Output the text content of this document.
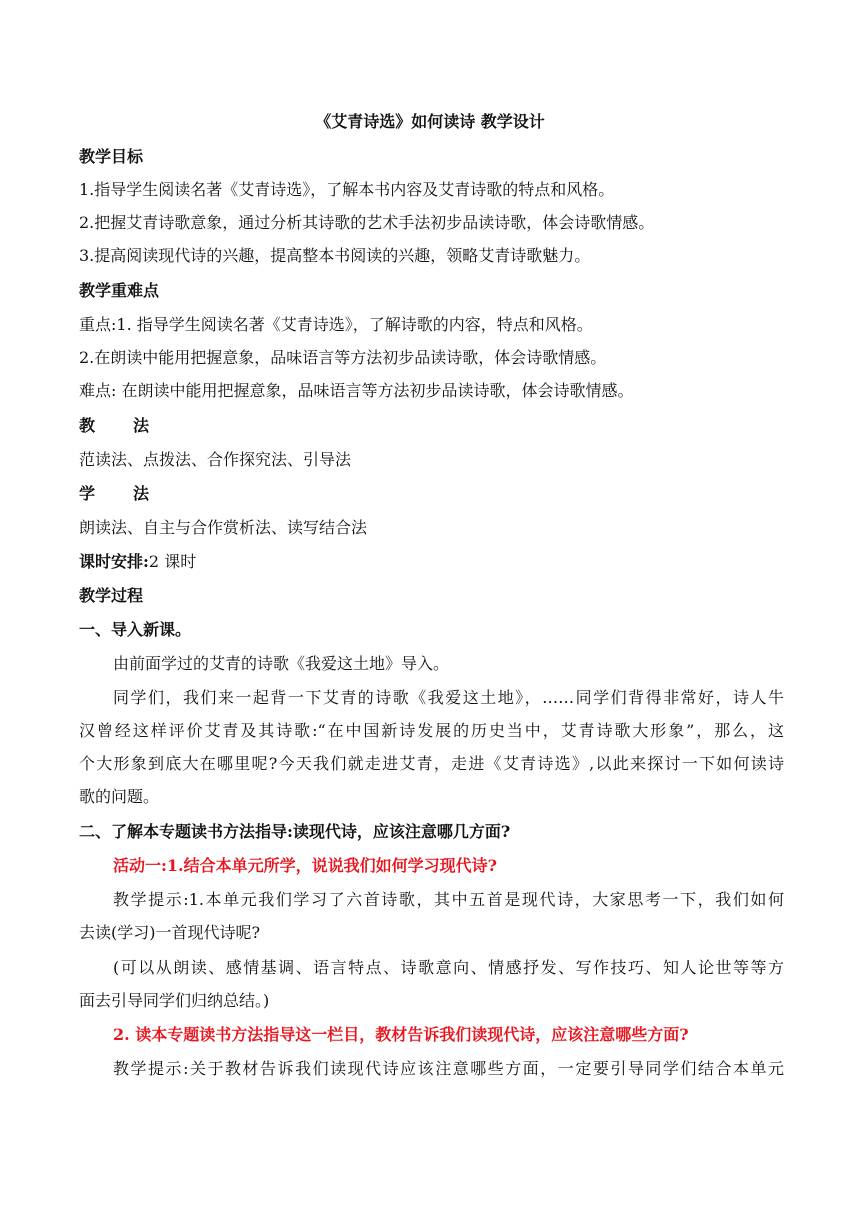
《艾青诗选》如何读诗 教学设计
教学目标
1.指导学生阅读名著《艾青诗选》，了解本书内容及艾青诗歌的特点和风格。
2.把握艾青诗歌意象，通过分析其诗歌的艺术手法初步品读诗歌，体会诗歌情感。
3.提高阅读现代诗的兴趣，提高整本书阅读的兴趣，领略艾青诗歌魅力。
教学重难点
重点:1. 指导学生阅读名著《艾青诗选》，了解诗歌的内容，特点和风格。
2.在朗读中能用把握意象，品味语言等方法初步品读诗歌，体会诗歌情感。
难点: 在朗读中能用把握意象，品味语言等方法初步品读诗歌，体会诗歌情感。
教 法
范读法、点拨法、合作探究法、引导法
学 法
朗读法、自主与合作赏析法、读写结合法
课时安排:2 课时
教学过程
一、导入新课。
由前面学过的艾青的诗歌《我爱这土地》导入。
同学们，我们来一起背一下艾青的诗歌《我爱这土地》，……同学们背得非常好，诗人牛
汉曾经这样评价艾青及其诗歌:“在中国新诗发展的历史当中，艾青诗歌大形象”，那么，这
个大形象到底大在哪里呢?今天我们就走进艾青，走进《艾青诗选》,以此来探讨一下如何读诗
歌的问题。
二、了解本专题读书方法指导:读现代诗，应该注意哪几方面?
活动一:1.结合本单元所学，说说我们如何学习现代诗?
教学提示:1.本单元我们学习了六首诗歌，其中五首是现代诗，大家思考一下，我们如何
去读(学习)一首现代诗呢?
(可以从朗读、感情基调、语言特点、诗歌意向、情感抒发、写作技巧、知人论世等等方
面去引导同学们归纳总结。)
2. 读本专题读书方法指导这一栏目，教材告诉我们读现代诗，应该注意哪些方面?
教学提示:关于教材告诉我们读现代诗应该注意哪些方面，一定要引导同学们结合本单元
